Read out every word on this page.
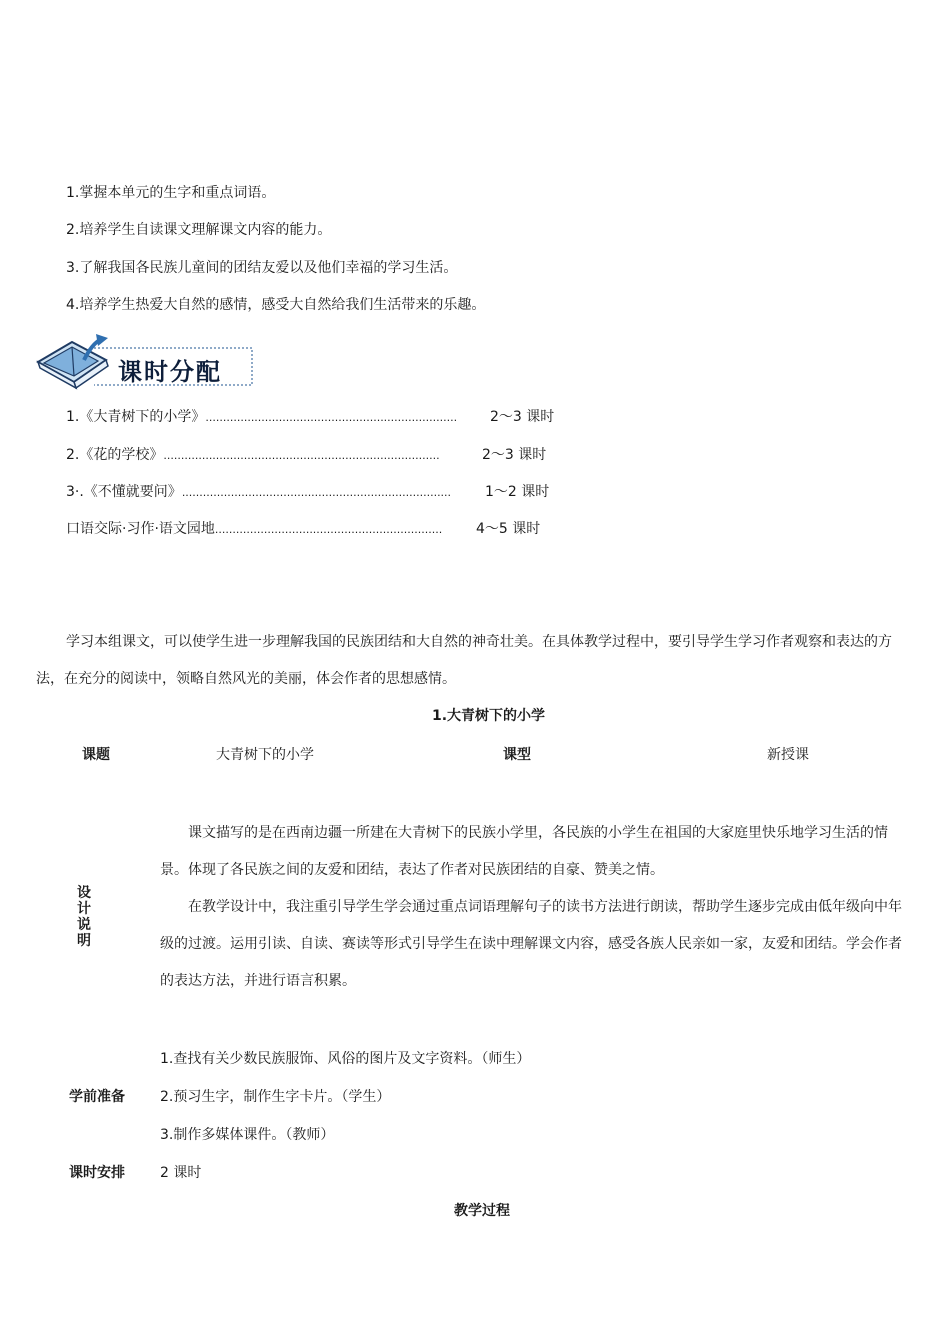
1.掌握本单元的生字和重点词语。
2.培养学生自读课文理解课文内容的能力。
3.了解我国各民族儿童间的团结友爱以及他们幸福的学习生活。
4.培养学生热爱大自然的感情，感受大自然给我们生活带来的乐趣。
课时分配
1.《大青树下的小学》........................................................................ 2～3 课时
2.《花的学校》...............................................................................	2～3 课时
3·.《不懂就要问》............................................................................. 1～2 课时
口语交际·习作·语文园地................................................................. 4～5 课时
学习本组课文，可以使学生进一步理解我国的民族团结和大自然的神奇壮美。在具体教学过程中，要引导学生学习作者观察和表达的方
法，在充分的阅读中，领略自然风光的美丽，体会作者的思想感情。
1.大青树下的小学
课题	大青树下的小学	课型	新授课
设计说明
课文描写的是在西南边疆一所建在大青树下的民族小学里，各民族的小学生在祖国的大家庭里快乐地学习生活的情
景。体现了各民族之间的友爱和团结，表达了作者对民族团结的自豪、赞美之情。
在教学设计中，我注重引导学生学会通过重点词语理解句子的读书方法进行朗读，帮助学生逐步完成由低年级向中年
级的过渡。运用引读、自读、赛读等形式引导学生在读中理解课文内容，感受各族人民亲如一家，友爱和团结。学会作者
的表达方法，并进行语言积累。
1.查找有关少数民族服饰、风俗的图片及文字资料。（师生）
学前准备	2.预习生字，制作生字卡片。（学生）
3.制作多媒体课件。（教师）
课时安排	2 课时
教学过程
